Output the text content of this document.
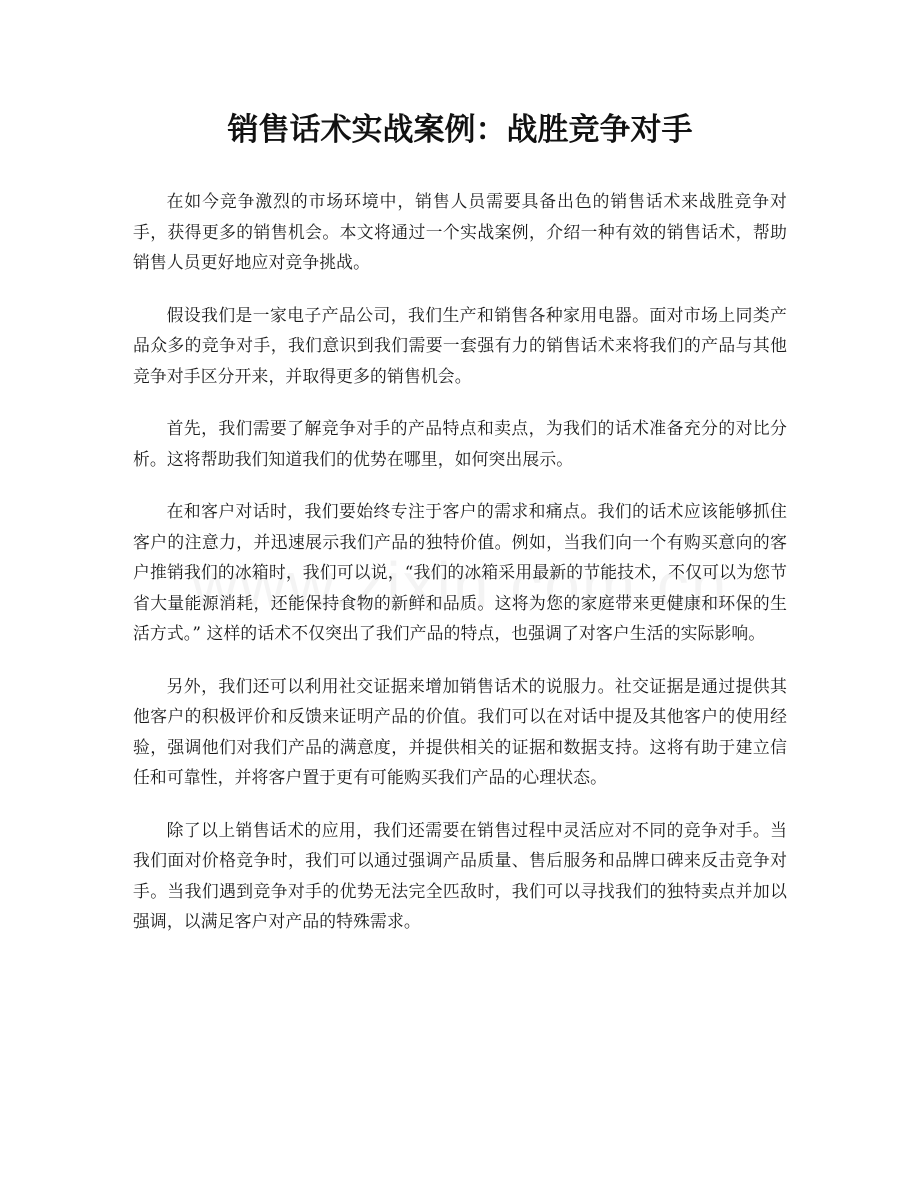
销售话术实战案例：战胜竞争对手

在如今竞争激烈的市场环境中，销售人员需要具备出色的销售话术来战胜竞争对手，获得更多的销售机会。本文将通过一个实战案例，介绍一种有效的销售话术，帮助销售人员更好地应对竞争挑战。

假设我们是一家电子产品公司，我们生产和销售各种家用电器。面对市场上同类产品众多的竞争对手，我们意识到我们需要一套强有力的销售话术来将我们的产品与其他竞争对手区分开来，并取得更多的销售机会。

首先，我们需要了解竞争对手的产品特点和卖点，为我们的话术准备充分的对比分析。这将帮助我们知道我们的优势在哪里，如何突出展示。

在和客户对话时，我们要始终专注于客户的需求和痛点。我们的话术应该能够抓住客户的注意力，并迅速展示我们产品的独特价值。例如，当我们向一个有购买意向的客户推销我们的冰箱时，我们可以说，“我们的冰箱采用最新的节能技术，不仅可以为您节省大量能源消耗，还能保持食物的新鲜和品质。这将为您的家庭带来更健康和环保的生活方式。” 这样的话术不仅突出了我们产品的特点，也强调了对客户生活的实际影响。

另外，我们还可以利用社交证据来增加销售话术的说服力。社交证据是通过提供其他客户的积极评价和反馈来证明产品的价值。我们可以在对话中提及其他客户的使用经验，强调他们对我们产品的满意度，并提供相关的证据和数据支持。这将有助于建立信任和可靠性，并将客户置于更有可能购买我们产品的心理状态。

除了以上销售话术的应用，我们还需要在销售过程中灵活应对不同的竞争对手。当我们面对价格竞争时，我们可以通过强调产品质量、售后服务和品牌口碑来反击竞争对手。当我们遇到竞争对手的优势无法完全匹敌时，我们可以寻找我们的独特卖点并加以强调，以满足客户对产品的特殊需求。
